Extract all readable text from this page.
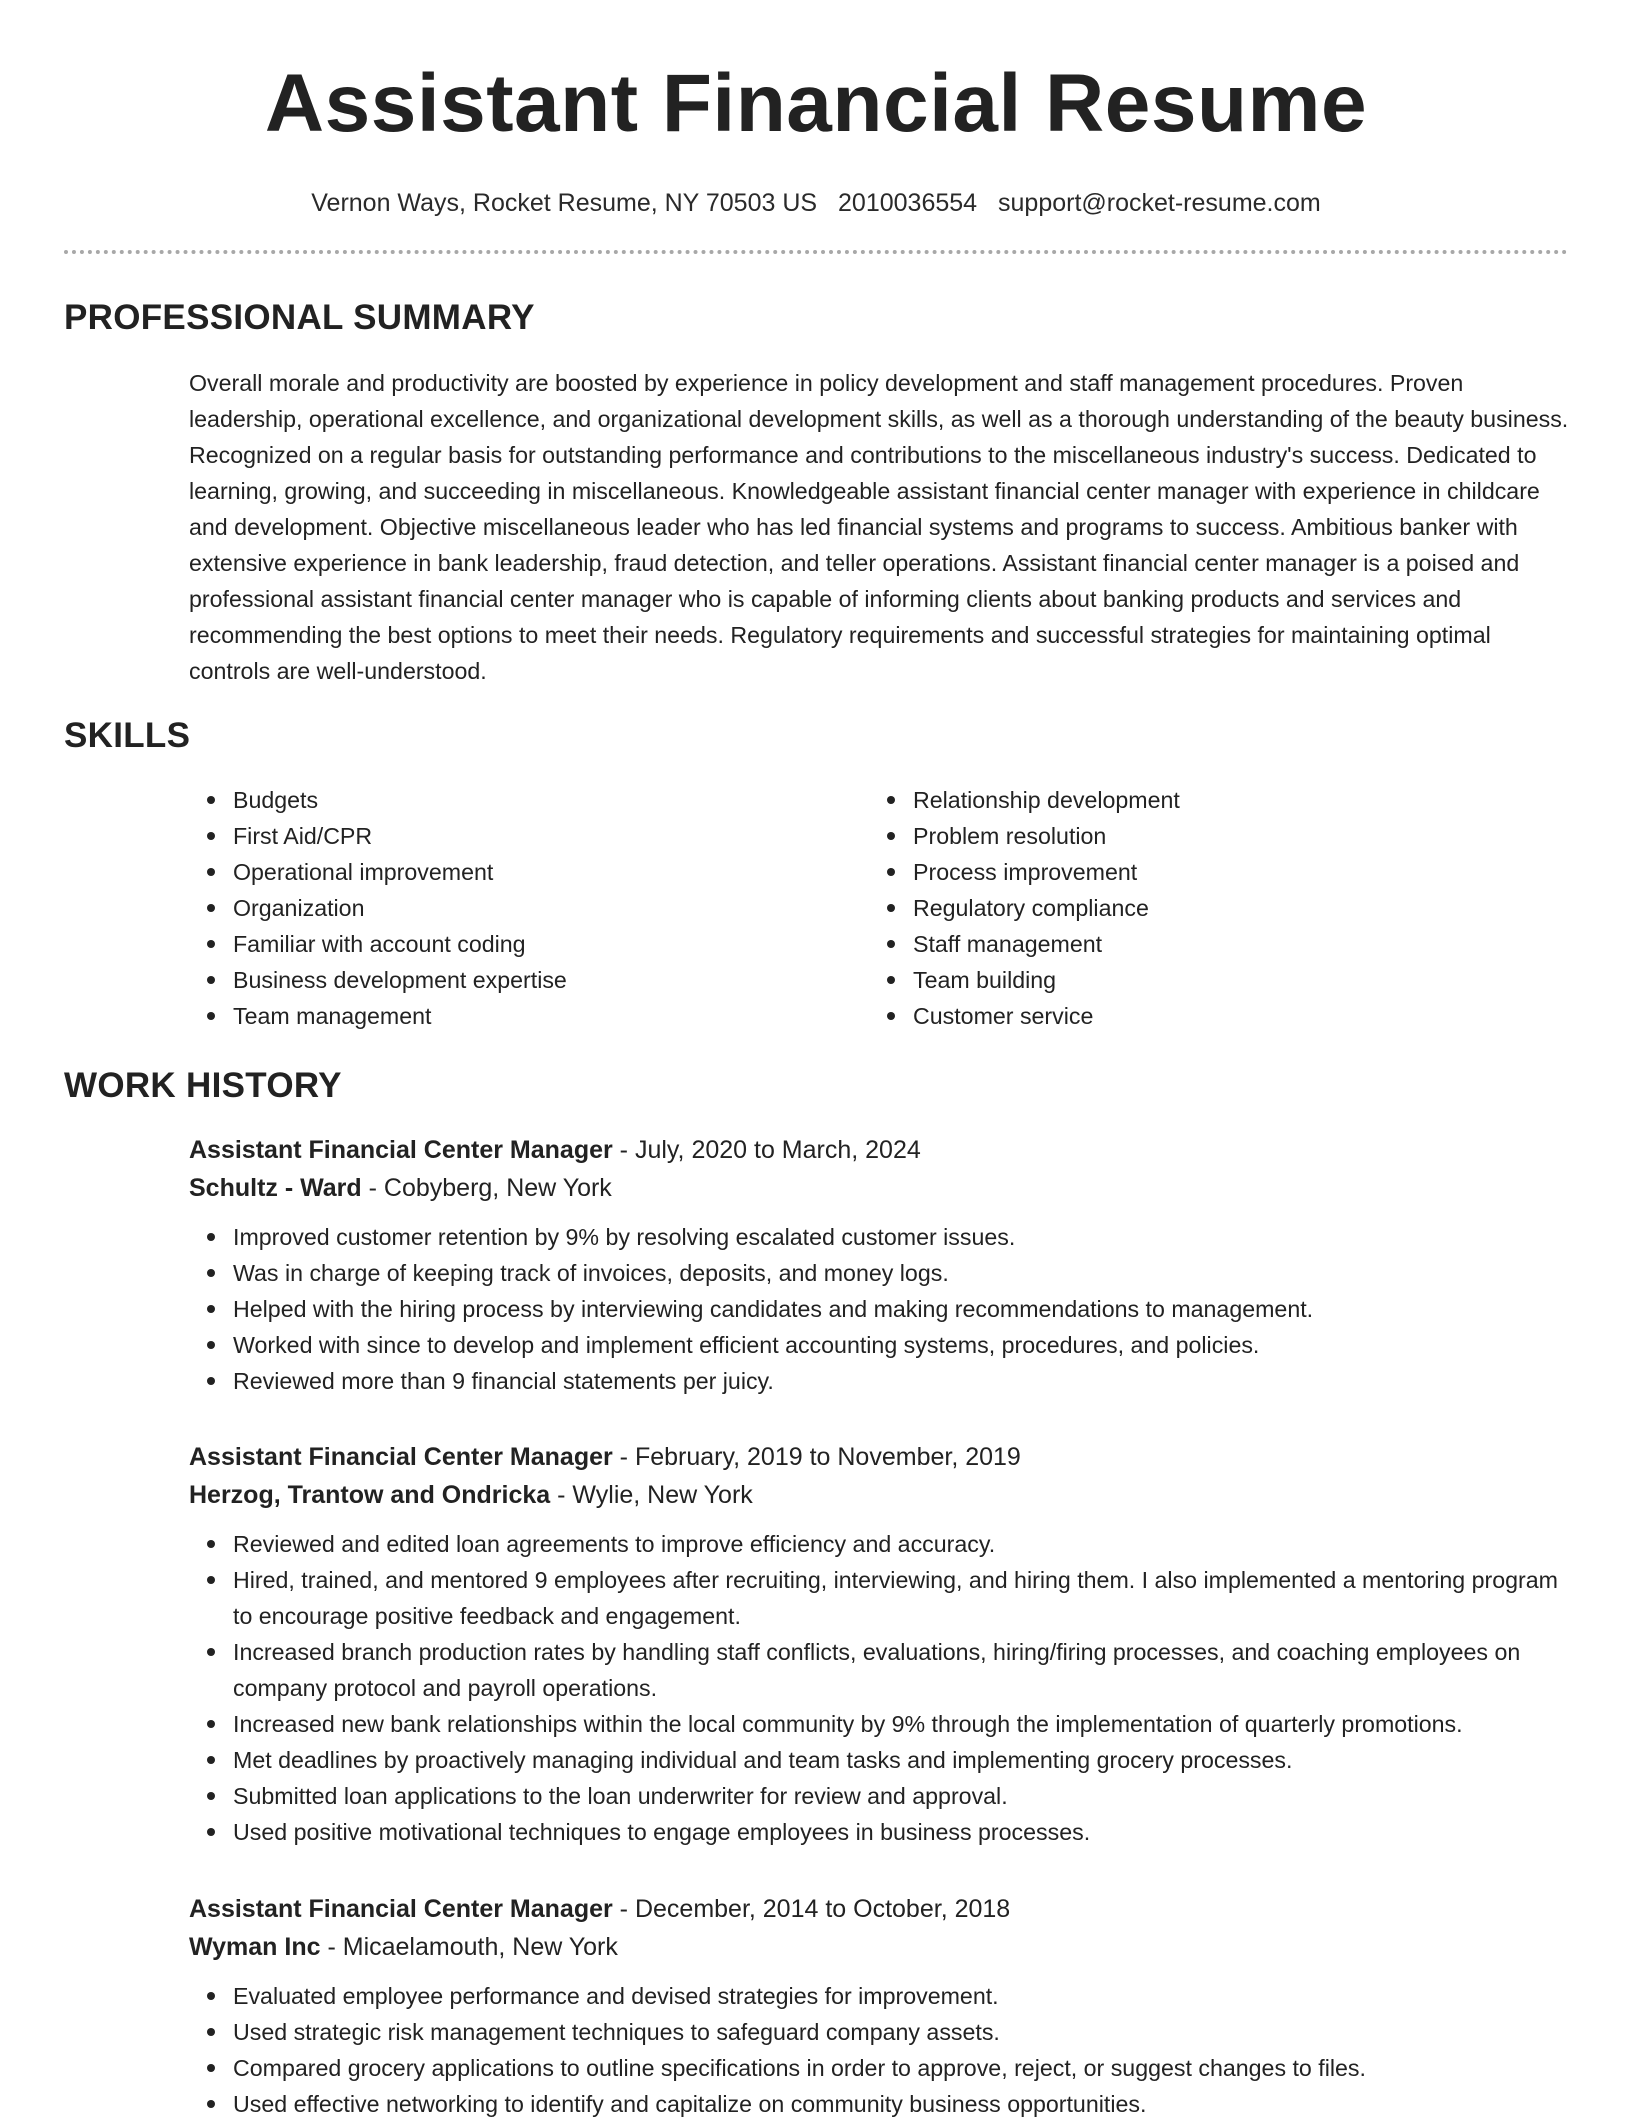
Assistant Financial Resume
Vernon Ways, Rocket Resume, NY 70503 US 2010036554 support@rocket-resume.com
PROFESSIONAL SUMMARY

Overall morale and productivity are boosted by experience in policy development and staff management procedures. Proven leadership, operational excellence, and organizational development skills, as well as a thorough understanding of the beauty business. Recognized on a regular basis for outstanding performance and contributions to the miscellaneous industry's success. Dedicated to learning, growing, and succeeding in miscellaneous. Knowledgeable assistant financial center manager with experience in childcare and development. Objective miscellaneous leader who has led financial systems and programs to success. Ambitious banker with extensive experience in bank leadership, fraud detection, and teller operations. Assistant financial center manager is a poised and professional assistant financial center manager who is capable of informing clients about banking products and services and recommending the best options to meet their needs. Regulatory requirements and successful strategies for maintaining optimal controls are well-understood.

SKILLS
Budgets
First Aid/CPR
Operational improvement
Organization
Familiar with account coding
Business development expertise
Team management
Relationship development
Problem resolution
Process improvement
Regulatory compliance
Staff management
Team building
Customer service
WORK HISTORY
Assistant Financial Center Manager - July, 2020 to March, 2024
Schultz - Ward - Cobyberg, New York
Improved customer retention by 9% by resolving escalated customer issues.
Was in charge of keeping track of invoices, deposits, and money logs.
Helped with the hiring process by interviewing candidates and making recommendations to management.
Worked with since to develop and implement efficient accounting systems, procedures, and policies.
Reviewed more than 9 financial statements per juicy.
Assistant Financial Center Manager - February, 2019 to November, 2019
Herzog, Trantow and Ondricka - Wylie, New York
Reviewed and edited loan agreements to improve efficiency and accuracy.
Hired, trained, and mentored 9 employees after recruiting, interviewing, and hiring them. I also implemented a mentoring program to encourage positive feedback and engagement.
Increased branch production rates by handling staff conflicts, evaluations, hiring/firing processes, and coaching employees on company protocol and payroll operations.
Increased new bank relationships within the local community by 9% through the implementation of quarterly promotions.
Met deadlines by proactively managing individual and team tasks and implementing grocery processes.
Submitted loan applications to the loan underwriter for review and approval.
Used positive motivational techniques to engage employees in business processes.
Assistant Financial Center Manager - December, 2014 to October, 2018
Wyman Inc - Micaelamouth, New York
Evaluated employee performance and devised strategies for improvement.
Used strategic risk management techniques to safeguard company assets.
Compared grocery applications to outline specifications in order to approve, reject, or suggest changes to files.
Used effective networking to identify and capitalize on community business opportunities.
